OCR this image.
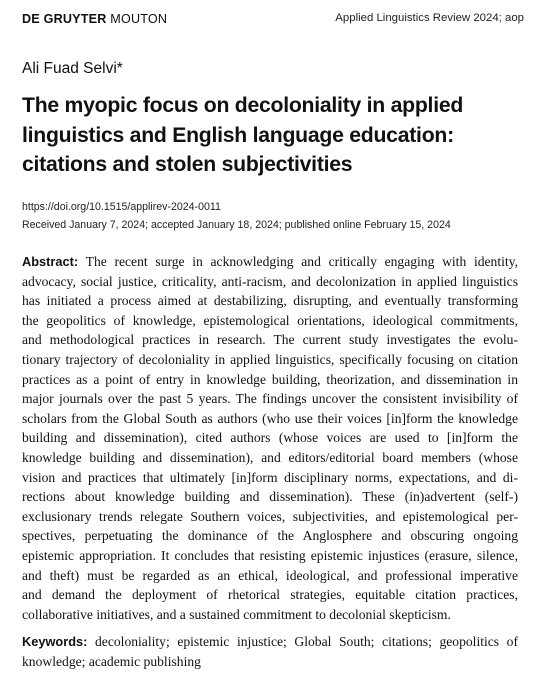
DE GRUYTER MOUTON	Applied Linguistics Review 2024; aop
Ali Fuad Selvi*
The myopic focus on decoloniality in applied
linguistics and English language education:
citations and stolen subjectivities
https://doi.org/10.1515/applirev-2024-0011
Received January 7, 2024; accepted January 18, 2024; published online February 15, 2024
Abstract: The recent surge in acknowledging and critically engaging with identity,
advocacy, social justice, criticality, anti-racism, and decolonization in applied linguistics
has initiated a process aimed at destabilizing, disrupting, and eventually transforming
the geopolitics of knowledge, epistemological orientations, ideological commitments,
and methodological practices in research. The current study investigates the evolu-
tionary trajectory of decoloniality in applied linguistics, specifically focusing on citation
practices as a point of entry in knowledge building, theorization, and dissemination in
major journals over the past 5 years. The findings uncover the consistent invisibility of
scholars from the Global South as authors (who use their voices [in]form the knowledge
building and dissemination), cited authors (whose voices are used to [in]form the
knowledge building and dissemination), and editors/editorial board members (whose
vision and practices that ultimately [in]form disciplinary norms, expectations, and di-
rections about knowledge building and dissemination). These (in)advertent (self-)
exclusionary trends relegate Southern voices, subjectivities, and epistemological per-
spectives, perpetuating the dominance of the Anglosphere and obscuring ongoing
epistemic appropriation. It concludes that resisting epistemic injustices (erasure, silence,
and theft) must be regarded as an ethical, ideological, and professional imperative
and demand the deployment of rhetorical strategies, equitable citation practices,
collaborative initiatives, and a sustained commitment to decolonial skepticism.
Keywords: decoloniality; epistemic injustice; Global South; citations; geopolitics of
knowledge; academic publishing
